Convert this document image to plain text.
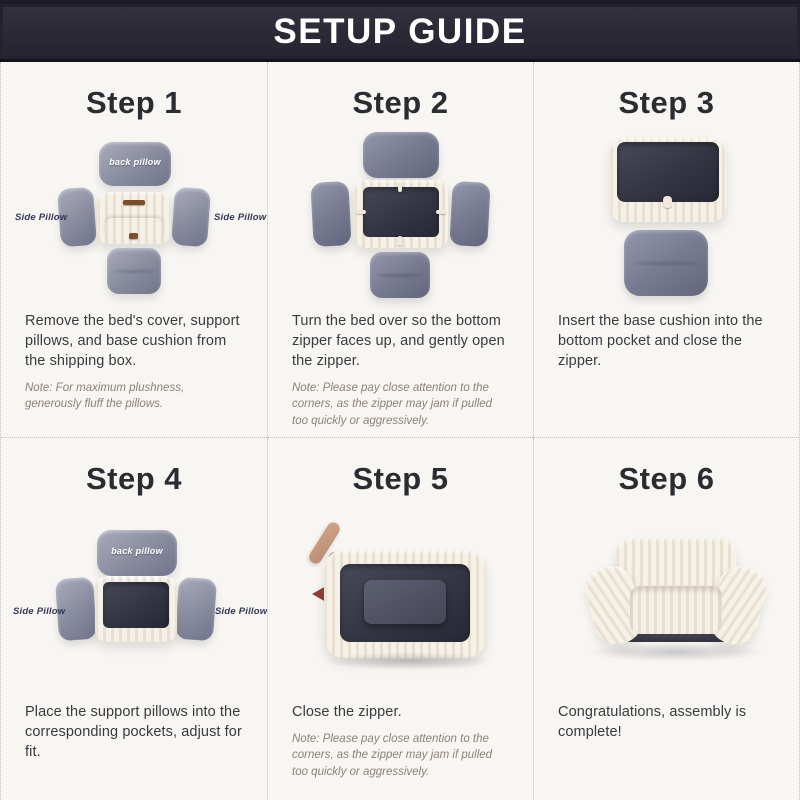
SETUP GUIDE
Step 1
back pillow
Side Pillow	Side Pillow

Remove the bed's cover, support pillows, and base cushion from the shipping box.

Note: For maximum plushness, generously fluff the pillows.

Step 2

Turn the bed over so the bottom zipper faces up, and gently open the zipper.

Note: Please pay close attention to the corners, as the zipper may jam if pulled too quickly or aggressively.

Step 3

Insert the base cushion into the bottom pocket and close the zipper.

Step 4
back pillow
Side Pillow	Side Pillow

Place the support pillows into the corresponding pockets, adjust for fit.

Step 5

Close the zipper.

Note: Please pay close attention to the corners, as the zipper may jam if pulled too quickly or aggressively.

Step 6

Congratulations, assembly is complete!
